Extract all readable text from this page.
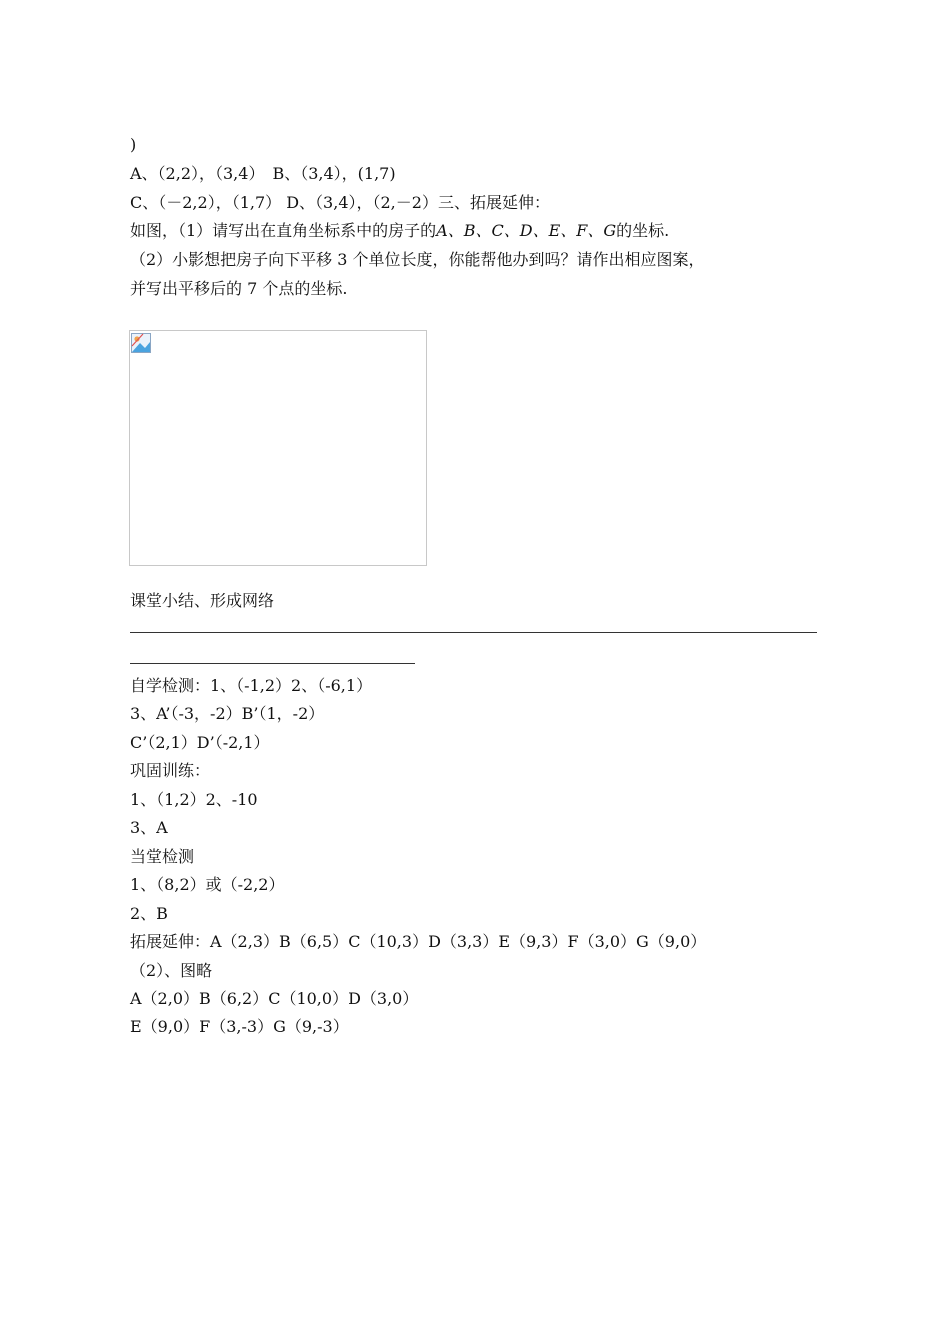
)
A、（2,2），（3,4）　B、（3,4），(1,7)
C、（－2,2），（1,7） D、（3,4），（2,－2）三、拓展延伸：
如图，（1）请写出在直角坐标系中的房子的A、B、C、D、E、F、G的坐标.
（2）小影想把房子向下平移 3 个单位长度，你能帮他办到吗？请作出相应图案，
并写出平移后的 7 个点的坐标.
课堂小结、形成网络
自学检测：1、（-1,2）2、（-6,1）
3、A’（-3，-2）B’（1，-2）
C’（2,1）D’（-2,1）
巩固训练：
1、（1,2）2、-10
3、A
当堂检测
1、（8,2）或（-2,2）
2、B
拓展延伸：A（2,3）B（6,5）C（10,3）D（3,3）E（9,3）F（3,0）G（9,0）
（2）、图略
A（2,0）B（6,2）C（10,0）D（3,0）
E（9,0）F（3,-3）G（9,-3）
